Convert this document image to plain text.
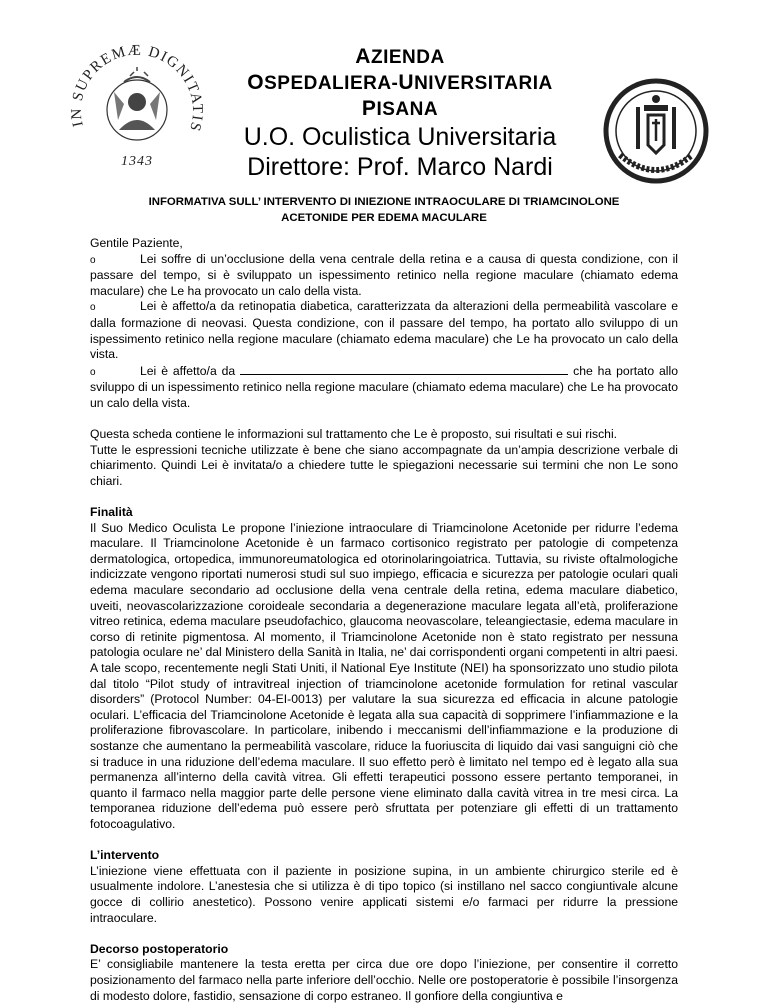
IN SUPREMÆ DIGNITATIS
1343
AZIENDA
OSPEDALIERA-UNIVERSITARIA
PISANA
U.O. Oculistica Universitaria
Direttore: Prof. Marco Nardi
INFORMATIVA SULL’ INTERVENTO DI INIEZIONE INTRAOCULARE DI TRIAMCINOLONE
ACETONIDE PER EDEMA MACULARE

Gentile Paziente,

o	Lei soffre di un’occlusione della vena centrale della retina e a causa di questa condizione, con il passare del tempo, si è sviluppato un ispessimento retinico nella regione maculare (chiamato edema maculare) che Le ha provocato un calo della vista.

o	Lei è affetto/a da retinopatia diabetica, caratterizzata da alterazioni della permeabilità vascolare e dalla formazione di neovasi. Questa condizione, con il passare del tempo, ha portato allo sviluppo di un ispessimento retinico nella regione maculare (chiamato edema maculare) che Le ha provocato un calo della vista.

o	Lei è affetto/a da	che ha portato allo sviluppo di un ispessimento retinico nella regione maculare (chiamato edema maculare) che Le ha provocato un calo della vista.

Questa scheda contiene le informazioni sul trattamento che Le è proposto, sui risultati e sui rischi.

Tutte le espressioni tecniche utilizzate è bene che siano accompagnate da un’ampia descrizione verbale di chiarimento. Quindi Lei è invitata/o a chiedere tutte le spiegazioni necessarie sui termini che non Le sono chiari.

Finalità

Il Suo Medico Oculista Le propone l’iniezione intraoculare di Triamcinolone Acetonide per ridurre l’edema maculare. Il Triamcinolone Acetonide è un farmaco cortisonico registrato per patologie di competenza dermatologica, ortopedica, immunoreumatologica ed otorinolaringoiatrica. Tuttavia, su riviste oftalmologiche indicizzate vengono riportati numerosi studi sul suo impiego, efficacia e sicurezza per patologie oculari quali edema maculare secondario ad occlusione della vena centrale della retina, edema maculare diabetico, uveiti, neovascolarizzazione coroideale secondaria a degenerazione maculare legata all’età, proliferazione vitreo retinica, edema maculare pseudofachico, glaucoma neovascolare, teleangiectasie, edema maculare in corso di retinite pigmentosa. Al momento, il Triamcinolone Acetonide non è stato registrato per nessuna patologia oculare ne’ dal Ministero della Sanità in Italia, ne’ dai corrispondenti organi competenti in altri paesi. A tale scopo, recentemente negli Stati Uniti, il National Eye Institute (NEI) ha sponsorizzato uno studio pilota dal titolo “Pilot study of intravitreal injection of triamcinolone acetonide formulation for retinal vascular disorders” (Protocol Number: 04-EI-0013) per valutare la sua sicurezza ed efficacia in alcune patologie oculari. L’efficacia del Triamcinolone Acetonide è legata alla sua capacità di sopprimere l’infiammazione e la proliferazione fibrovascolare. In particolare, inibendo i meccanismi dell’infiammazione e la produzione di sostanze che aumentano la permeabilità vascolare, riduce la fuoriuscita di liquido dai vasi sanguigni ciò che si traduce in una riduzione dell’edema maculare. Il suo effetto però è limitato nel tempo ed è legato alla sua permanenza all’interno della cavità vitrea. Gli effetti terapeutici possono essere pertanto temporanei, in quanto il farmaco nella maggior parte delle persone viene eliminato dalla cavità vitrea in tre mesi circa. La temporanea riduzione dell’edema può essere però sfruttata per potenziare gli effetti di un trattamento fotocoagulativo.

L’intervento

L’iniezione viene effettuata con il paziente in posizione supina, in un ambiente chirurgico sterile ed è usualmente indolore. L’anestesia che si utilizza è di tipo topico (si instillano nel sacco congiuntivale alcune gocce di collirio anestetico). Possono venire applicati sistemi e/o farmaci per ridurre la pressione intraoculare.

Decorso postoperatorio

E’ consigliabile mantenere la testa eretta per circa due ore dopo l’iniezione, per consentire il corretto posizionamento del farmaco nella parte inferiore dell’occhio. Nelle ore postoperatorie è possibile l’insorgenza di modesto dolore, fastidio, sensazione di corpo estraneo. Il gonfiore della congiuntiva e
